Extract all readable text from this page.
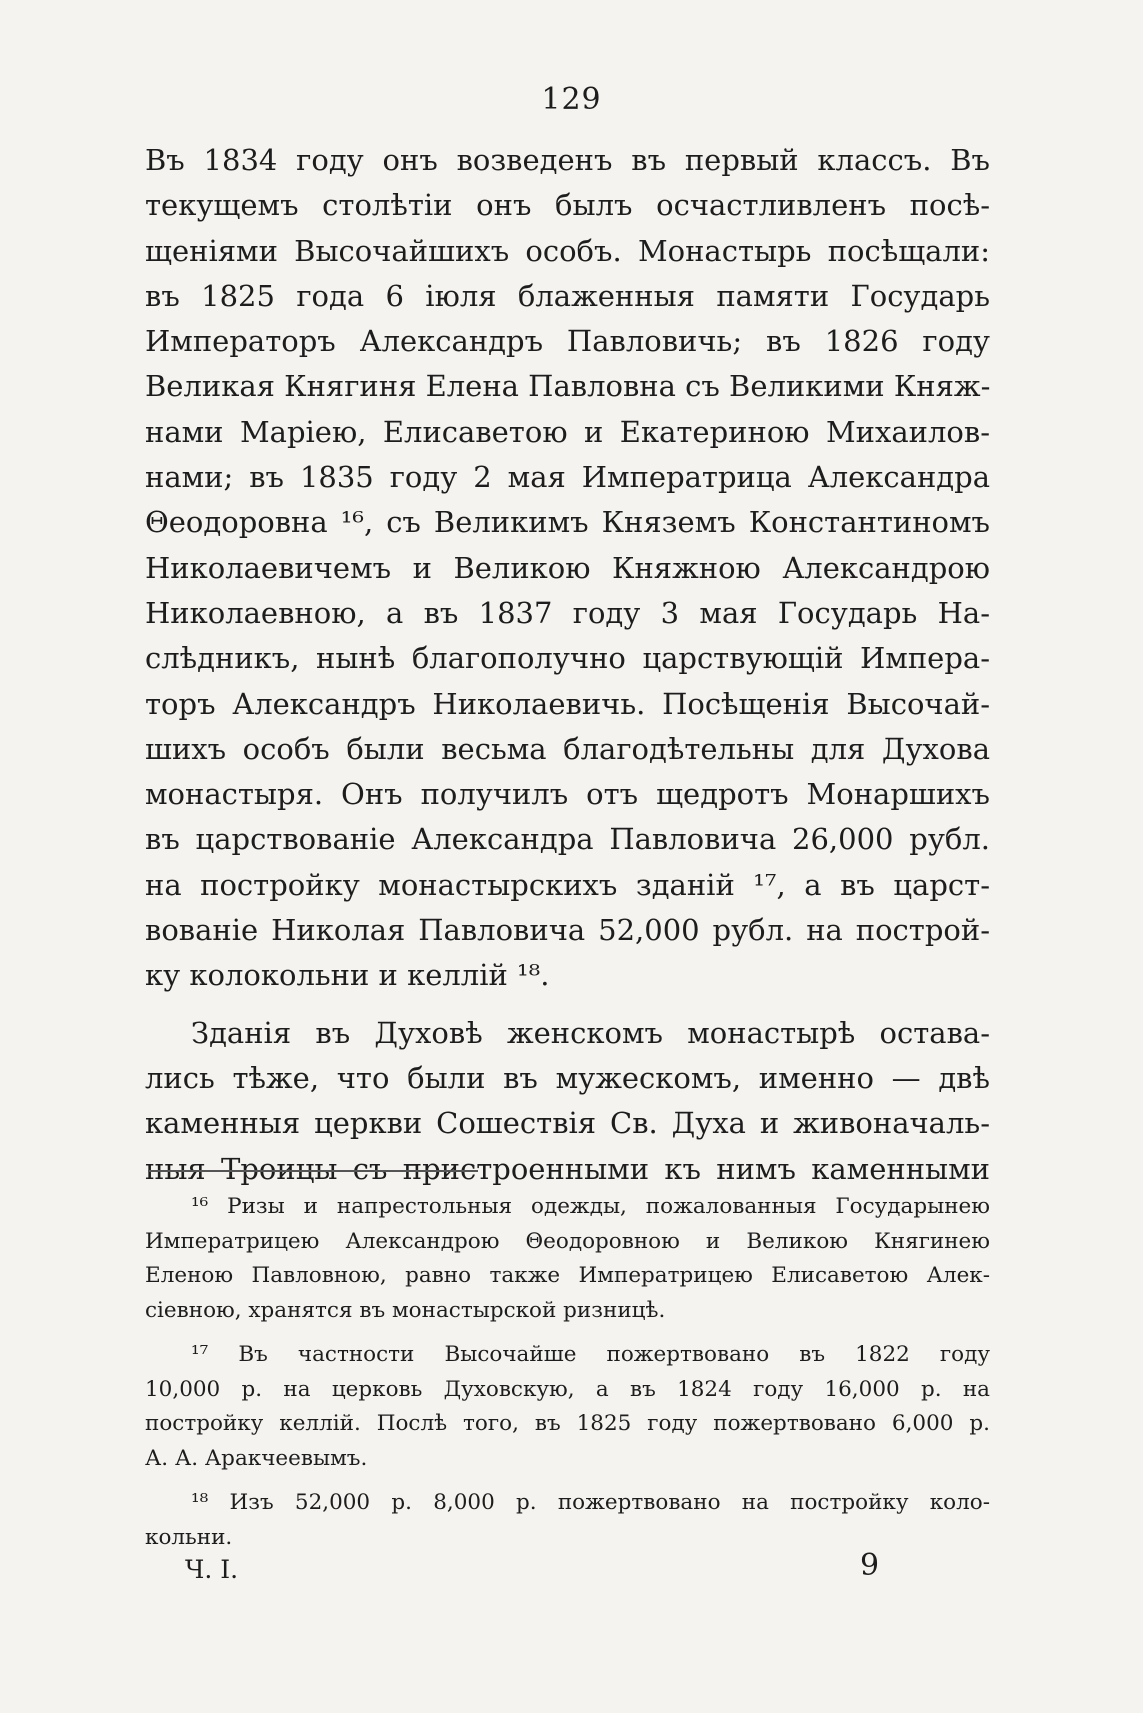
129
Въ 1834 году онъ возведенъ въ первый классъ. Въ
текущемъ столѣтіи онъ былъ осчастливленъ посѣ-
щеніями Высочайшихъ особъ. Монастырь посѣщали:
въ 1825 года 6 іюля блаженныя памяти Государь
Императоръ Александръ Павловичь; въ 1826 году
Великая Княгиня Елена Павловна съ Великими Княж-
нами Маріею, Елисаветою и Екатериною Михаилов-
нами; въ 1835 году 2 мая Императрица Александра
Θеодоровна ¹⁶, съ Великимъ Княземъ Константиномъ
Николаевичемъ и Великою Княжною Александрою
Николаевною, а въ 1837 году 3 мая Государь На-
слѣдникъ, нынѣ благополучно царствующій Импера-
торъ Александръ Николаевичь. Посѣщенія Высочай-
шихъ особъ были весьма благодѣтельны для Духова
монастыря. Онъ получилъ отъ щедротъ Монаршихъ
въ царствованіе Александра Павловича 26,000 рубл.
на постройку монастырскихъ зданій ¹⁷, а въ царст-
вованіе Николая Павловича 52,000 рубл. на построй-
ку колокольни и келлій ¹⁸.
Зданія въ Духовѣ женскомъ монастырѣ остава-
лись тѣже, что были въ мужескомъ, именно — двѣ
каменныя церкви Сошествія Св. Духа и живоначаль-
ныя Троицы съ пристроенными къ нимъ каменными
¹⁶ Ризы и напрестольныя одежды, пожалованныя Государынею
Императрицею Александрою Θеодоровною и Великою Княгинею
Еленою Павловною, равно также Императрицею Елисаветою Алек-
сіевною, хранятся въ монастырской ризницѣ.
¹⁷ Въ частности Высочайше пожертвовано въ 1822 году
10,000 р. на церковь Духовскую, а въ 1824 году 16,000 р. на
постройку келлій. Послѣ того, въ 1825 году пожертвовано 6,000 р.
А. А. Аракчеевымъ.
¹⁸ Изъ 52,000 р. 8,000 р. пожертвовано на постройку коло-
кольни.
Ч. I.	9
